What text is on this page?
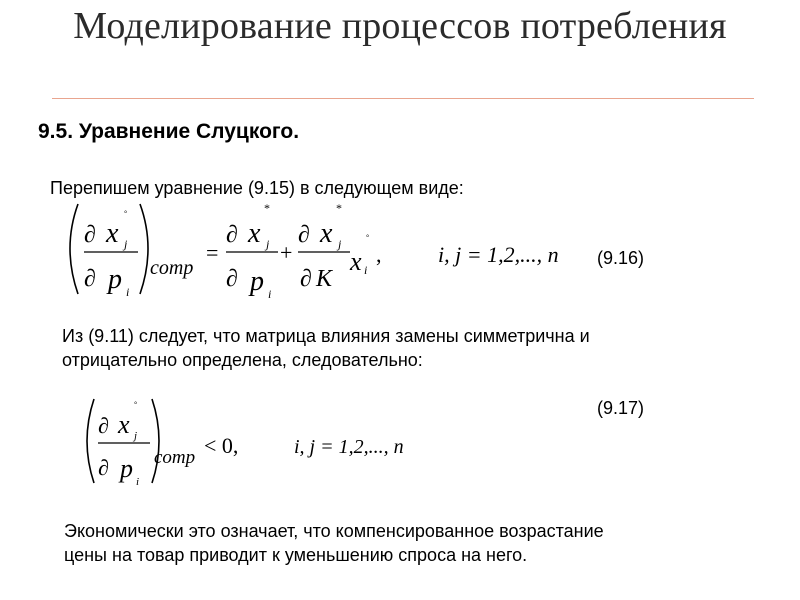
Моделирование процессов потребления
9.5. Уравнение Слуцкого.
Перепишем уравнение (9.15) в следующем виде:
∂ x
°
j
∂ p i
comp
=
∂ x
*
j
∂ p i
+
∂ x
*
j
∂ K
x
°
i
,	i, j = 1,2,..., n (9.16)
Из (9.11) следует, что матрица влияния замены симметрична и
отрицательно определена, следовательно:
(9.17)
∂ x
°
j
∂ p i
comp < 0,	i, j = 1,2,..., n
Экономически это означает, что компенсированное возрастание
цены на товар приводит к уменьшению спроса на него.
